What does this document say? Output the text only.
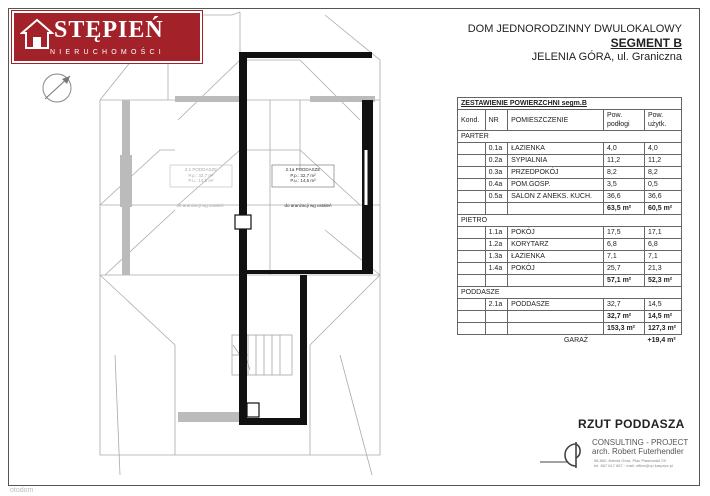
2.1 PODDASZE
P.p.: 32,7 m²
P.u.: 14,5 m²
do aranżacji wg ustaleń
2.1a PODDASZE
P.p.: 32,7 m²
P.u.: 14,5 m²
do aranżacji wg ustaleń
STĘPIEŃ
NIERUCHOMOŚCI
DOM JEDNORODZINNY DWULOKALOWY
SEGMENT B
JELENIA GÓRA, ul. Graniczna
ZESTAWIENIE POWIERZCHNI segm.B				
Kond.	NR	POMIESZCZENIE	Pow. podłogi	Pow. użytk.
PARTER				
	0.1a	ŁAZIENKA	4,0	4,0
	0.2a	SYPIALNIA	11,2	11,2
	0.3a	PRZEDPOKÓJ	8,2	8,2
	0.4a	POM.GOSP.	3,5	0,5
	0.5a	SALON Z ANEKS. KUCH.	36,6	36,6
			63,5 m²	60,5 m²
PIETRO				
	1.1a	POKÓJ	17,5	17,1
	1.2a	KORYTARZ	6,8	6,8
	1.3a	ŁAZIENKA	7,1	7,1
	1.4a	POKÓJ	25,7	21,3
			57,1 m²	52,3 m²
PODDASZE				
	2.1a	PODDASZE	32,7	14,5
			32,7 m²	14,5 m²
			153,3 m²	127,3 m²
		GARAŻ		+19,4 m²
RZUT PODDASZA
CONSULTING - PROJECT
arch. Robert Futerhendler
58-560 Jelenia Góra, Plac Piastowski 29
tel. 667 617 667 · mail: office@cp.karpacz.pl
otodom
